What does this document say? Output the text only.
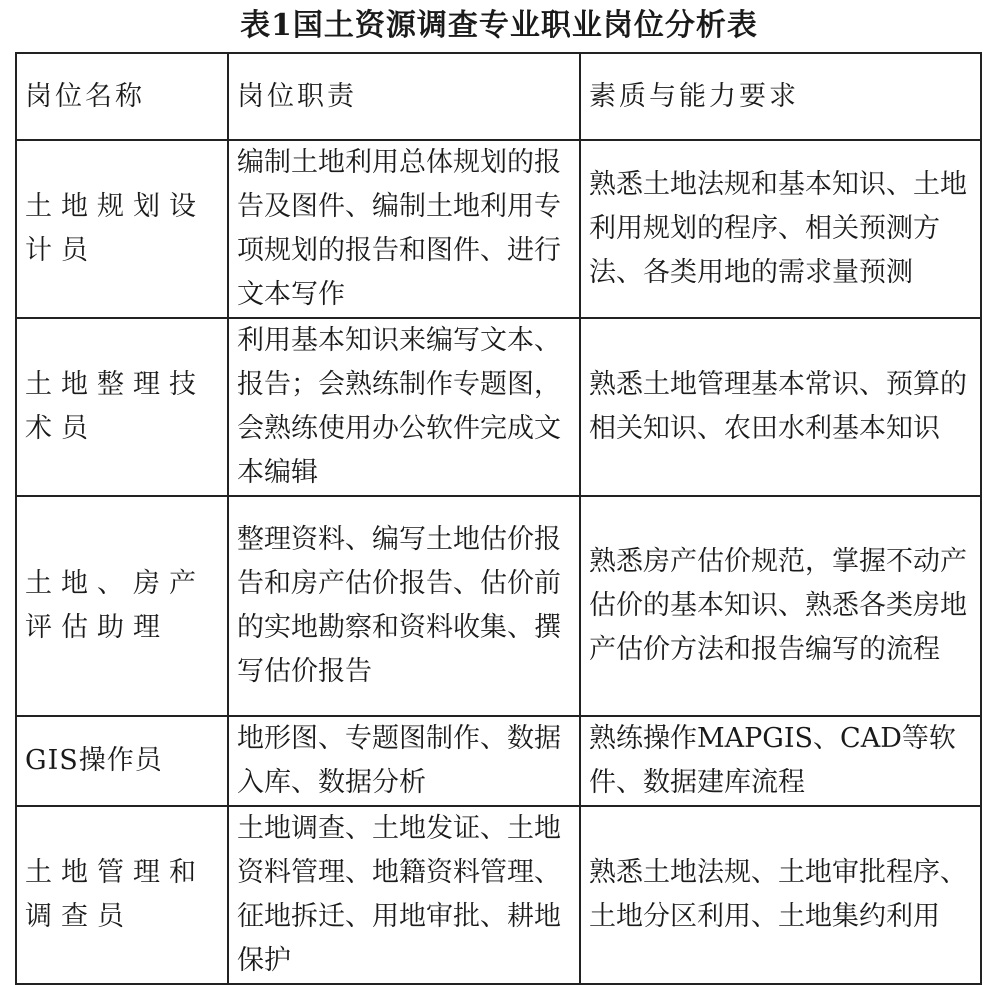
表1国土资源调查专业职业岗位分析表
岗位名称	岗位职责	素质与能力要求
土地规划设计员	编制土地利用总体规划的报告及图件、编制土地利用专项规划的报告和图件、进行文本写作	熟悉土地法规和基本知识、土地利用规划的程序、相关预测方法、各类用地的需求量预测
土地整理技术员	利用基本知识来编写文本、报告；会熟练制作专题图，会熟练使用办公软件完成文本编辑	熟悉土地管理基本常识、预算的相关知识、农田水利基本知识
土地、房产评估助理	整理资料、编写土地估价报告和房产估价报告、估价前的实地勘察和资料收集、撰写估价报告	熟悉房产估价规范，掌握不动产估价的基本知识、熟悉各类房地产估价方法和报告编写的流程
GIS操作员	地形图、专题图制作、数据入库、数据分析	熟练操作MAPGIS、CAD等软件、数据建库流程
土地管理和调查员	土地调查、土地发证、土地资料管理、地籍资料管理、征地拆迁、用地审批、耕地保护	熟悉土地法规、土地审批程序、土地分区利用、土地集约利用
